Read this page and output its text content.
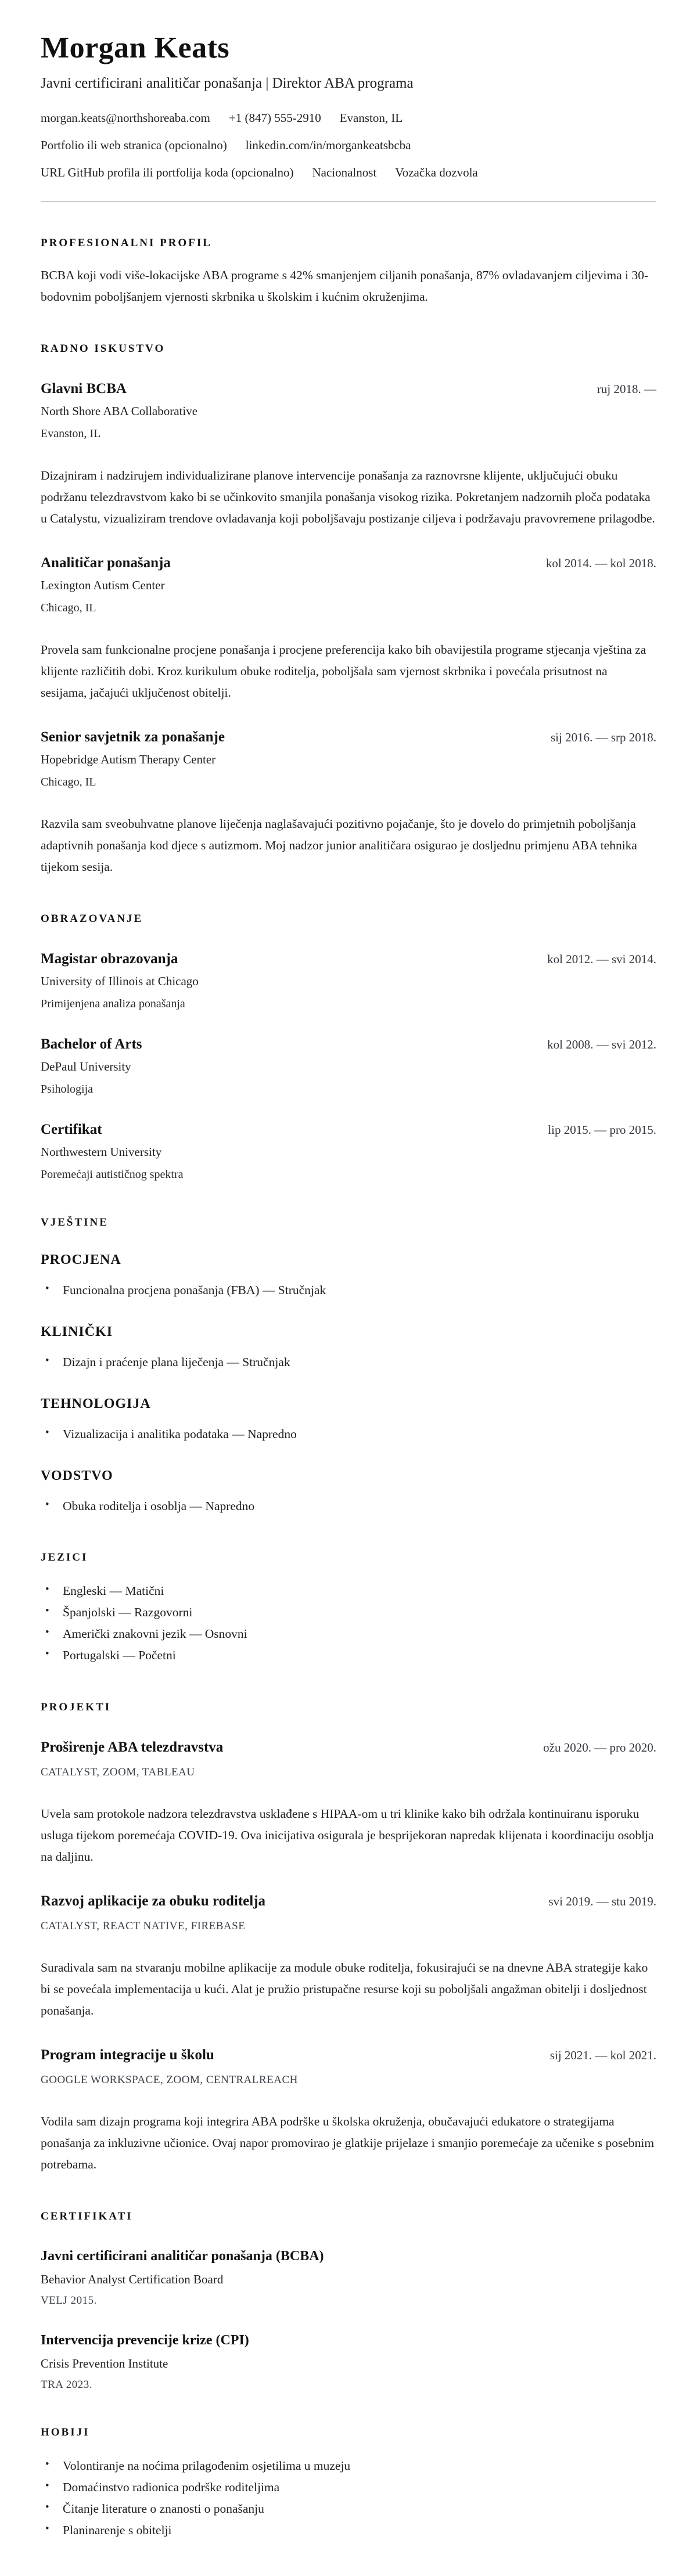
Morgan Keats
Javni certificirani analitičar ponašanja | Direktor ABA programa
morgan.keats@northshoreaba.com +1 (847) 555-2910 Evanston, IL
Portfolio ili web stranica (opcionalno) linkedin.com/in/morgankeatsbcba
URL GitHub profila ili portfolija koda (opcionalno) Nacionalnost Vozačka dozvola
PROFESIONALNI PROFIL

BCBA koji vodi više-lokacijske ABA programe s 42% smanjenjem ciljanih ponašanja, 87% ovladavanjem ciljevima i 30-bodovnim poboljšanjem vjernosti skrbnika u školskim i kućnim okruženjima.

RADNO ISKUSTVO
Glavni BCBA	ruj 2018. —
North Shore ABA Collaborative
Evanston, IL

Dizajniram i nadzirujem individualizirane planove intervencije ponašanja za raznovrsne klijente, uključujući obuku podržanu telezdravstvom kako bi se učinkovito smanjila ponašanja visokog rizika. Pokretanjem nadzornih ploča podataka u Catalystu, vizualiziram trendove ovladavanja koji poboljšavaju postizanje ciljeva i podržavaju pravovremene prilagodbe.

Analitičar ponašanja	kol 2014. — kol 2018.
Lexington Autism Center
Chicago, IL

Provela sam funkcionalne procjene ponašanja i procjene preferencija kako bih obavijestila programe stjecanja vještina za klijente različitih dobi. Kroz kurikulum obuke roditelja, poboljšala sam vjernost skrbnika i povećala prisutnost na sesijama, jačajući uključenost obitelji.

Senior savjetnik za ponašanje	sij 2016. — srp 2018.
Hopebridge Autism Therapy Center
Chicago, IL

Razvila sam sveobuhvatne planove liječenja naglašavajući pozitivno pojačanje, što je dovelo do primjetnih poboljšanja adaptivnih ponašanja kod djece s autizmom. Moj nadzor junior analitičara osigurao je dosljednu primjenu ABA tehnika tijekom sesija.

OBRAZOVANJE
Magistar obrazovanja	kol 2012. — svi 2014.
University of Illinois at Chicago
Primijenjena analiza ponašanja
Bachelor of Arts	kol 2008. — svi 2012.
DePaul University
Psihologija
Certifikat	lip 2015. — pro 2015.
Northwestern University
Poremećaji autističnog spektra
VJEŠTINE
PROCJENA
• Funcionalna procjena ponašanja (FBA) — Stručnjak
KLINIČKI
• Dizajn i praćenje plana liječenja — Stručnjak
TEHNOLOGIJA
• Vizualizacija i analitika podataka — Napredno
VODSTVO
• Obuka roditelja i osoblja — Napredno
JEZICI
• Engleski — Matični
• Španjolski — Razgovorni
• Američki znakovni jezik — Osnovni
• Portugalski — Početni
PROJEKTI
Proširenje ABA telezdravstva	ožu 2020. — pro 2020.
CATALYST, ZOOM, TABLEAU

Uvela sam protokole nadzora telezdravstva usklađene s HIPAA-om u tri klinike kako bih održala kontinuiranu isporuku usluga tijekom poremećaja COVID-19. Ova inicijativa osigurala je besprijekoran napredak klijenata i koordinaciju osoblja na daljinu.

Razvoj aplikacije za obuku roditelja	svi 2019. — stu 2019.
CATALYST, REACT NATIVE, FIREBASE

Suradivala sam na stvaranju mobilne aplikacije za module obuke roditelja, fokusirajući se na dnevne ABA strategije kako bi se povećala implementacija u kući. Alat je pružio pristupačne resurse koji su poboljšali angažman obitelji i dosljednost ponašanja.

Program integracije u školu	sij 2021. — kol 2021.
GOOGLE WORKSPACE, ZOOM, CENTRALREACH

Vodila sam dizajn programa koji integrira ABA podrške u školska okruženja, obučavajući edukatore o strategijama ponašanja za inkluzivne učionice. Ovaj napor promovirao je glatkije prijelaze i smanjio poremećaje za učenike s posebnim potrebama.

CERTIFIKATI
Javni certificirani analitičar ponašanja (BCBA)
Behavior Analyst Certification Board
VELJ 2015.
Intervencija prevencije krize (CPI)
Crisis Prevention Institute
TRA 2023.
HOBIJI
• Volontiranje na noćima prilagođenim osjetilima u muzeju
• Domaćinstvo radionica podrške roditeljima
• Čitanje literature o znanosti o ponašanju
• Planinarenje s obitelji
